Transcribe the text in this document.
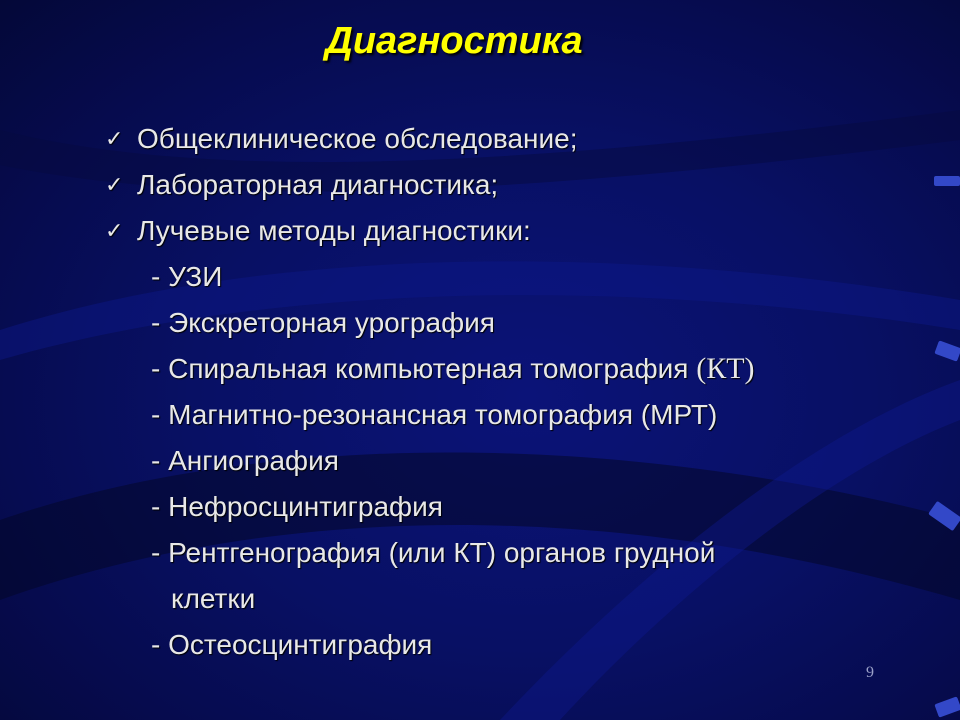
Диагностика
✓ Общеклиническое обследование;
✓ Лабораторная диагностика;
✓ Лучевые методы диагностики:
- УЗИ
- Экскреторная урография
- Спиральная компьютерная томография (КТ)
- Магнитно-резонансная томография (МРТ)
- Ангиография
- Нефросцинтиграфия
- Рентгенография (или КТ) органов грудной
клетки
- Остеосцинтиграфия
9
